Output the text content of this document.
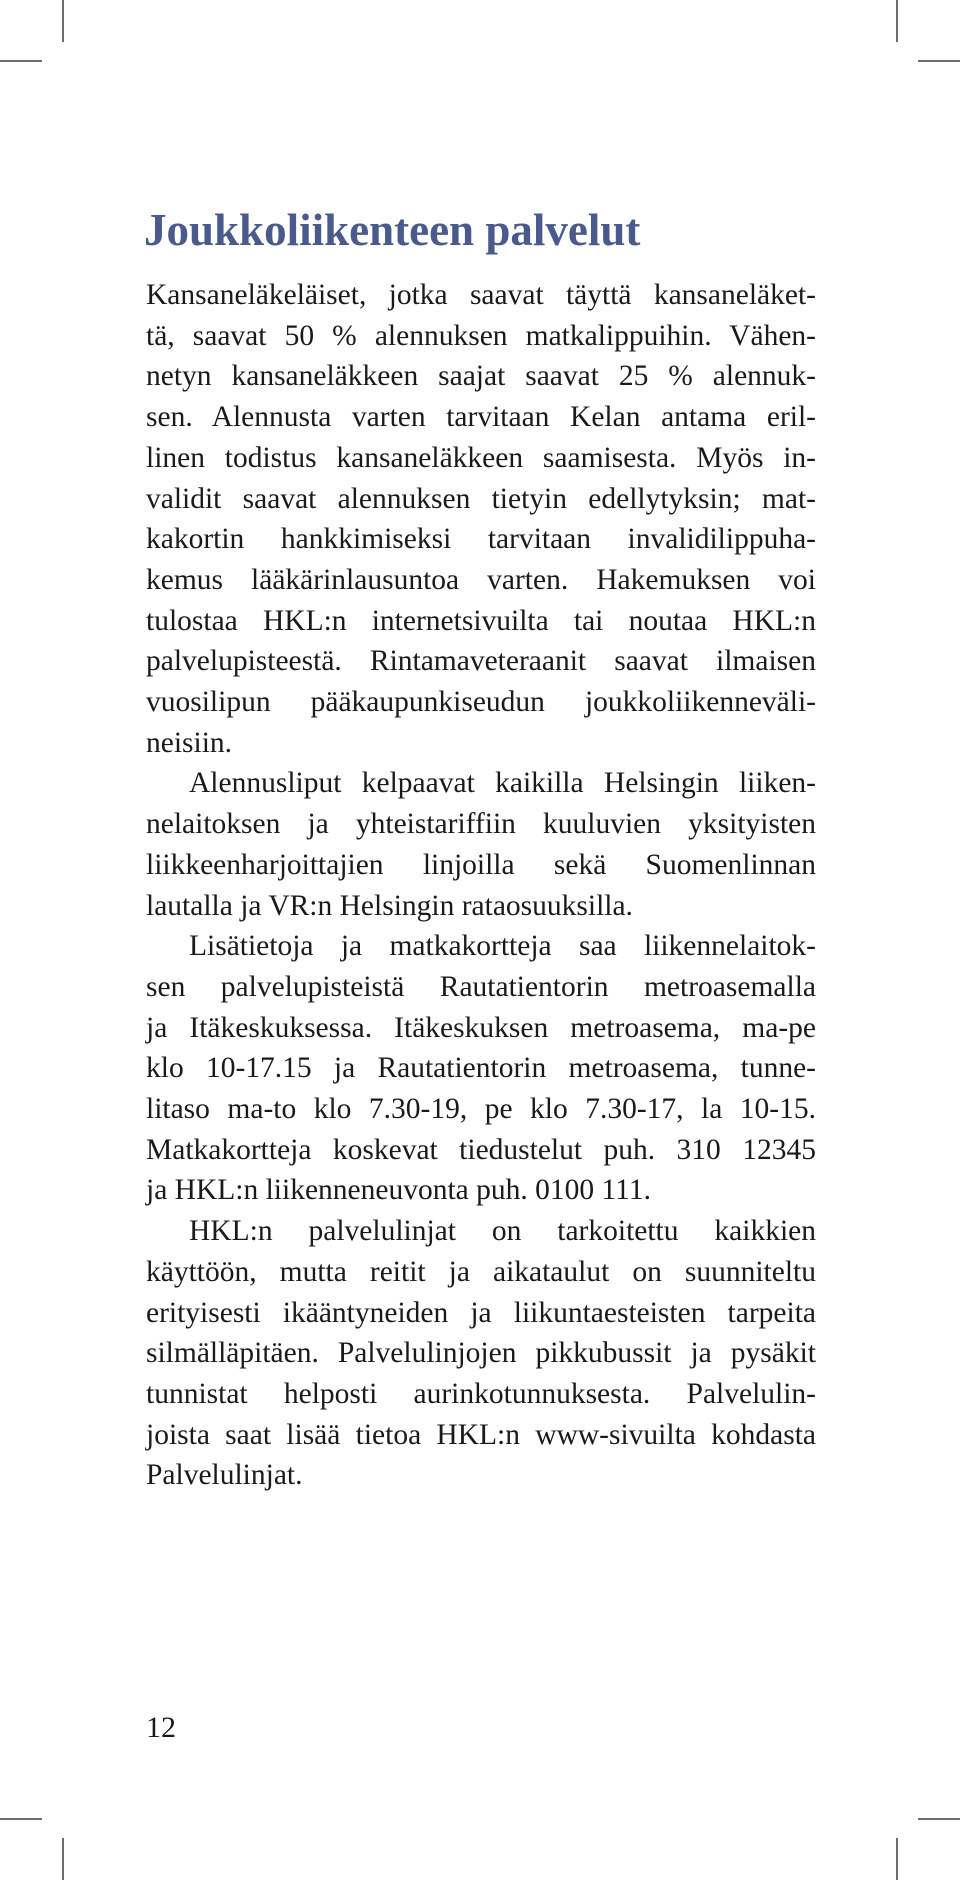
Joukkoliikenteen palvelut
Kansaneläkeläiset, jotka saavat täyttä kansaneläket-
tä, saavat 50 % alennuksen matkalippuihin. Vähen-
netyn kansaneläkkeen saajat saavat 25 % alennuk-
sen. Alennusta varten tarvitaan Kelan antama eril-
linen todistus kansaneläkkeen saamisesta. Myös in-
validit saavat alennuksen tietyin edellytyksin; mat-
kakortin hankkimiseksi tarvitaan invalidilippuha-
kemus lääkärinlausuntoa varten. Hakemuksen voi
tulostaa HKL:n internetsivuilta tai noutaa HKL:n
palvelupisteestä. Rintamaveteraanit saavat ilmaisen
vuosilipun pääkaupunkiseudun joukkoliikenneväli-
neisiin.
Alennusliput kelpaavat kaikilla Helsingin liiken-
nelaitoksen ja yhteistariffiin kuuluvien yksityisten
liikkeenharjoittajien linjoilla sekä Suomenlinnan
lautalla ja VR:n Helsingin rataosuuksilla.
Lisätietoja ja matkakortteja saa liikennelaitok-
sen palvelupisteistä Rautatientorin metroasemalla
ja Itäkeskuksessa. Itäkeskuksen metroasema, ma-pe
klo 10-17.15 ja Rautatientorin metroasema, tunne-
litaso ma-to klo 7.30-19, pe klo 7.30-17, la 10-15.
Matkakortteja koskevat tiedustelut puh. 310 12345
ja HKL:n liikenneneuvonta puh. 0100 111.
HKL:n palvelulinjat on tarkoitettu kaikkien
käyttöön, mutta reitit ja aikataulut on suunniteltu
erityisesti ikääntyneiden ja liikuntaesteisten tarpeita
silmälläpitäen. Palvelulinjojen pikkubussit ja pysäkit
tunnistat helposti aurinkotunnuksesta. Palvelulin-
joista saat lisää tietoa HKL:n www-sivuilta kohdasta
Palvelulinjat.
12
